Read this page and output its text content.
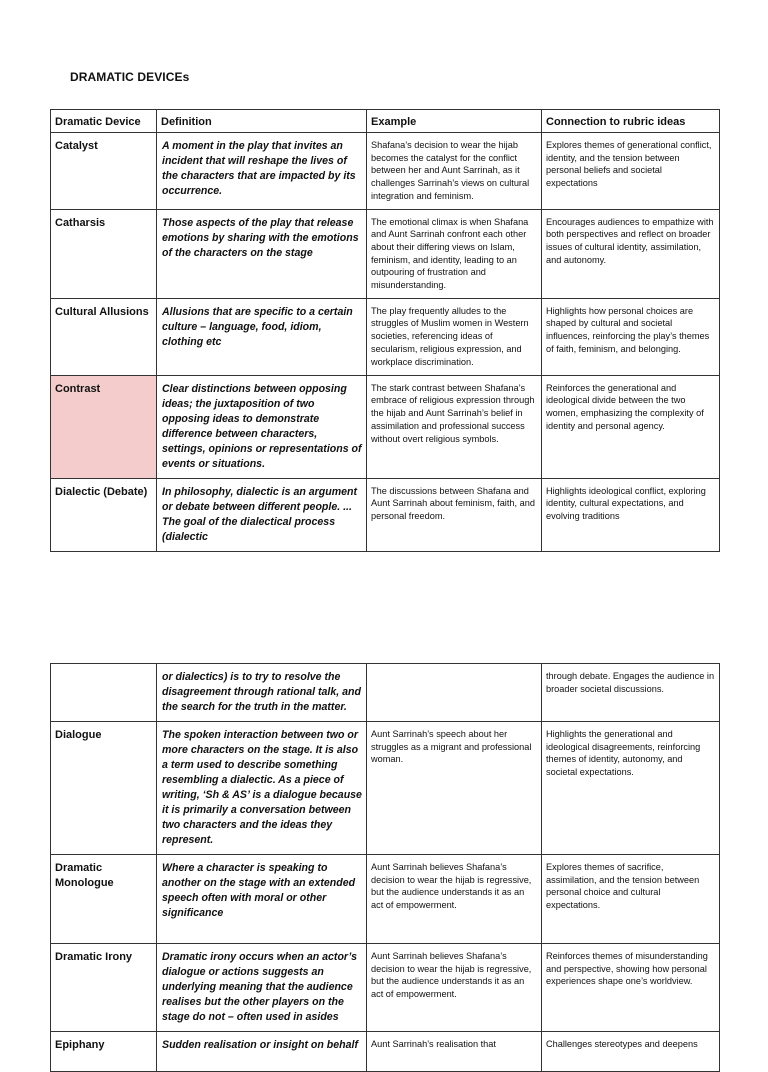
DRAMATIC DEVICEs
Dramatic Device	Definition	Example	Connection to rubric ideas

Catalyst	A moment in the play that invites an incident that will reshape the lives of the characters that are impacted by its occurrence.	Shafana’s decision to wear the hijab becomes the catalyst for the conflict between her and Aunt Sarrinah, as it challenges Sarrinah’s views on cultural integration and feminism.	Explores themes of generational conflict, identity, and the tension between personal beliefs and societal expectations

Catharsis	Those aspects of the play that release emotions by sharing with the emotions of the characters on the stage	The emotional climax is when Shafana and Aunt Sarrinah confront each other about their differing views on Islam, feminism, and identity, leading to an outpouring of frustration and misunderstanding.	Encourages audiences to empathize with both perspectives and reflect on broader issues of cultural identity, assimilation, and autonomy.

Cultural Allusions	Allusions that are specific to a certain culture – language, food, idiom, clothing etc	The play frequently alludes to the struggles of Muslim women in Western societies, referencing ideas of secularism, religious expression, and workplace discrimination.	Highlights how personal choices are shaped by cultural and societal influences, reinforcing the play’s themes of faith, feminism, and belonging.

Contrast	Clear distinctions between opposing ideas; the juxtaposition of two opposing ideas to demonstrate difference between characters, settings, opinions or representations of events or situations.	The stark contrast between Shafana’s embrace of religious expression through the hijab and Aunt Sarrinah’s belief in assimilation and professional success without overt religious symbols.	Reinforces the generational and ideological divide between the two women, emphasizing the complexity of identity and personal agency.

Dialectic (Debate)	In philosophy, dialectic is an argument or debate between different people. ... The goal of the dialectical process (dialectic	The discussions between Shafana and Aunt Sarrinah about feminism, faith, and personal freedom.	Highlights ideological conflict, exploring identity, cultural expectations, and evolving traditions

	or dialectics) is to try to resolve the disagreement through rational talk, and the search for the truth in the matter.		through debate. Engages the audience in broader societal discussions.

Dialogue	The spoken interaction between two or more characters on the stage. It is also a term used to describe something resembling a dialectic. As a piece of writing, ‘Sh & AS’ is a dialogue because it is primarily a conversation between two characters and the ideas they represent.	Aunt Sarrinah’s speech about her struggles as a migrant and professional woman.	Highlights the generational and ideological disagreements, reinforcing themes of identity, autonomy, and societal expectations.

Dramatic Monologue	Where a character is speaking to another on the stage with an extended speech often with moral or other significance	Aunt Sarrinah believes Shafana’s decision to wear the hijab is regressive, but the audience understands it as an act of empowerment.	Explores themes of sacrifice, assimilation, and the tension between personal choice and cultural expectations.

Dramatic Irony	Dramatic irony occurs when an actor’s dialogue or actions suggests an underlying meaning that the audience realises but the other players on the stage do not – often used in asides	Aunt Sarrinah believes Shafana’s decision to wear the hijab is regressive, but the audience understands it as an act of empowerment.	Reinforces themes of misunderstanding and perspective, showing how personal experiences shape one’s worldview.

Epiphany	Sudden realisation or insight on behalf	Aunt Sarrinah’s realisation that	Challenges stereotypes and deepens
